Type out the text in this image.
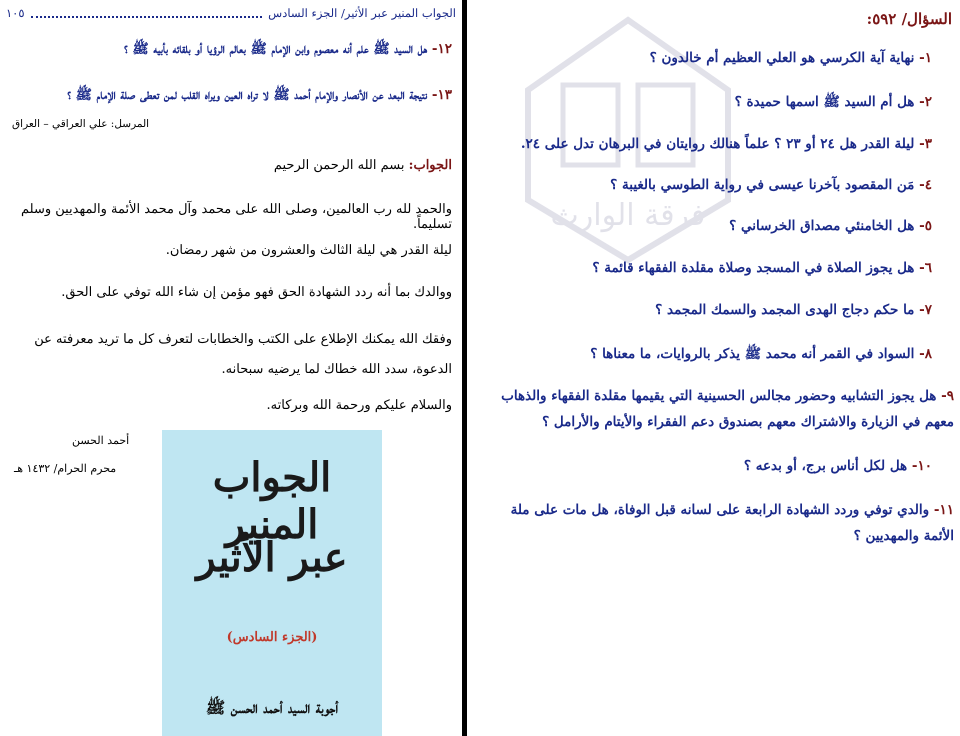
فرقة الوارث
السؤال/ ٥٩٢:
١- نهاية آية الكرسي هو العلي العظيم أم خالدون ؟
٢- هل أم السيد ﷺ اسمها حميدة ؟
٣- ليلة القدر هل ٢٤ أو ٢٣ ؟ علماً هنالك روايتان في البرهان تدل على ٢٤.
٤- مَن المقصود بآخرنا عيسى في رواية الطوسي بالغيبة ؟
٥- هل الخامنئي مصداق الخرساني ؟
٦- هل يجوز الصلاة في المسجد وصلاة مقلدة الفقهاء قائمة ؟
٧- ما حكم دجاج الهدى المجمد والسمك المجمد ؟
٨- السواد في القمر أنه محمد ﷺ يذكر بالروايات، ما معناها ؟
٩- هل يجوز التشابيه وحضور مجالس الحسينية التي يقيمها مقلدة الفقهاء والذهاب معهم في الزيارة والاشتراك معهم بصندوق دعم الفقراء والأيتام والأرامل ؟
١٠- هل لكل أناس برج، أو بدعه ؟
١١- والدي توفي وردد الشهادة الرابعة على لسانه قبل الوفاة، هل مات على ملة الأئمة والمهديين ؟
الجواب المنير عبر الأثير/ الجزء السادس
١٠٥
١٢- هل السيد ﷺ علم أنه معصوم وابن الإمام ﷺ بعالم الرؤيا أو بلقائه بأبيه ﷺ ؟
١٣- نتيجة البعد عن الأنصار والإمام أحمد ﷺ لا تراه العين ويراه القلب لمن تعطى صلة الإمام ﷺ ؟
المرسل: علي العراقي – العراق
الجواب: بسم الله الرحمن الرحيم
والحمد لله رب العالمين، وصلى الله على محمد وآل محمد الأئمة والمهديين وسلم تسليماً.
ليلة القدر هي ليلة الثالث والعشرون من شهر رمضان.
ووالدك بما أنه ردد الشهادة الحق فهو مؤمن إن شاء الله توفي على الحق.
وفقك الله يمكنك الإطلاع على الكتب والخطابات لتعرف كل ما تريد معرفته عن الدعوة، سدد الله خطاك لما يرضيه سبحانه.
والسلام عليكم ورحمة الله وبركاته.
أحمد الحسن
محرم الحرام/ ١٤٣٢ هـ	الجواب المنير
عبر الأثير
(الجزء السادس)
أجوبة السيد أحمد الحسن ﷺ
